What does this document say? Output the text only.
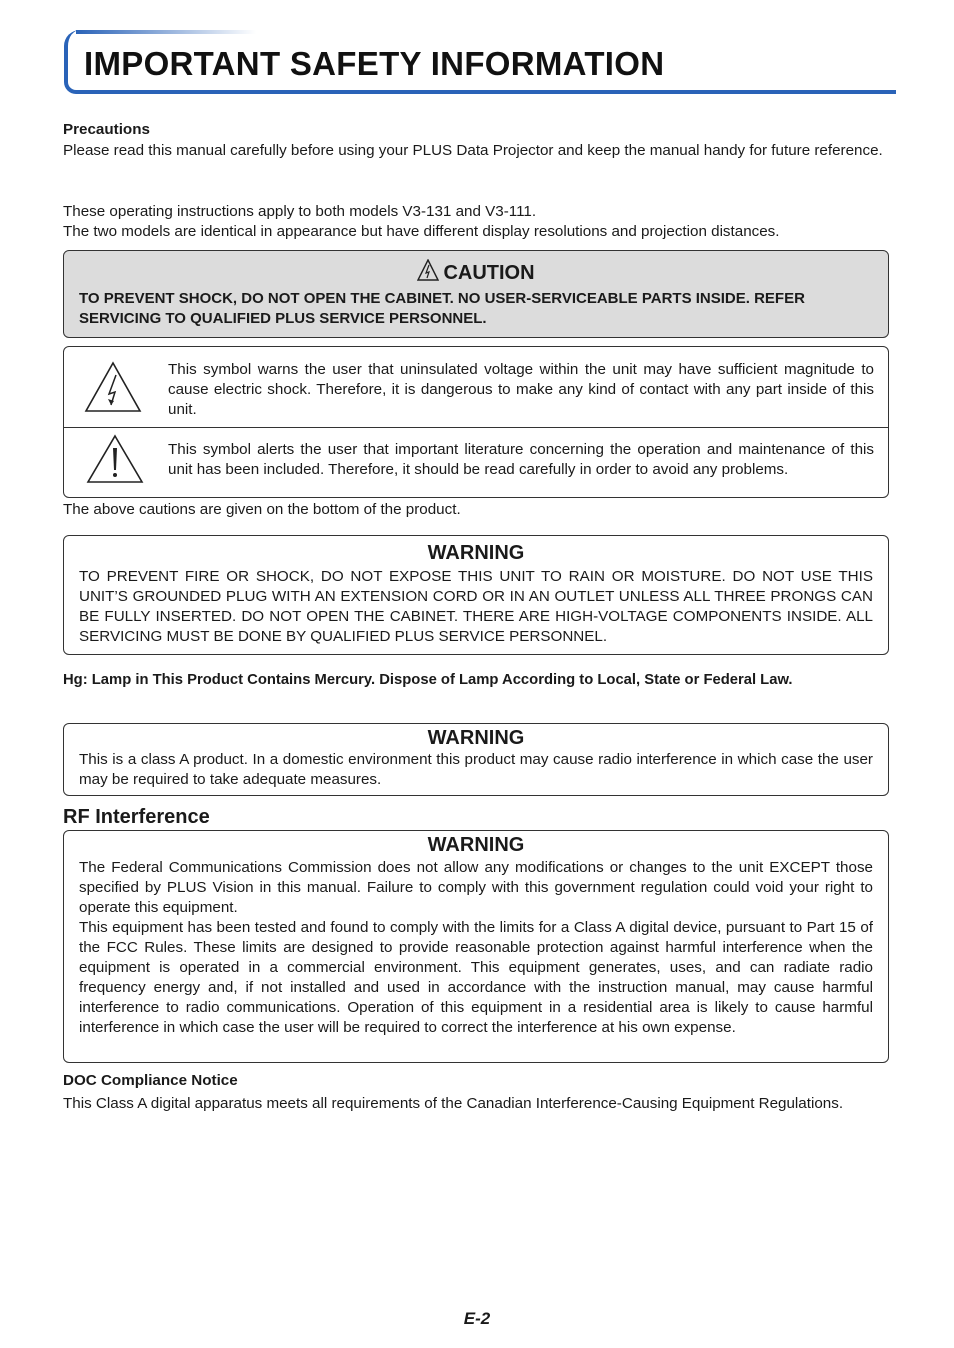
IMPORTANT SAFETY INFORMATION
Precautions
Please read this manual carefully before using your PLUS Data Projector and keep the manual handy for future reference.
These operating instructions apply to both models V3-131 and V3-111.
The two models are identical in appearance but have different display resolutions and projection distances.
CAUTION
TO PREVENT SHOCK, DO NOT OPEN THE CABINET. NO USER-SERVICEABLE PARTS INSIDE. REFER SERVICING TO QUALIFIED PLUS SERVICE PERSONNEL.
This symbol warns the user that uninsulated voltage within the unit may have sufficient magnitude to cause electric shock. Therefore, it is dangerous to make any kind of contact with any part inside of this unit.
This symbol alerts the user that important literature concerning the operation and maintenance of this unit has been included. Therefore, it should be read carefully in order to avoid any problems.
The above cautions are given on the bottom of the product.
WARNING
TO PREVENT FIRE OR SHOCK, DO NOT EXPOSE THIS UNIT TO RAIN OR MOISTURE. DO NOT USE THIS UNIT’S GROUNDED PLUG WITH AN EXTENSION CORD OR IN AN OUTLET UNLESS ALL THREE PRONGS CAN BE FULLY INSERTED. DO NOT OPEN THE CABINET. THERE ARE HIGH-VOLTAGE COMPONENTS INSIDE. ALL SERVICING MUST BE DONE BY QUALIFIED PLUS SERVICE PERSONNEL.
Hg: Lamp in This Product Contains Mercury. Dispose of Lamp According to Local, State or Federal Law.
WARNING
This is a class A product. In a domestic environment this product may cause radio interference in which case the user may be required to take adequate measures.
RF Interference
WARNING
The Federal Communications Commission does not allow any modifications or changes to the unit EXCEPT those specified by PLUS Vision in this manual. Failure to comply with this government regulation could void your right to operate this equipment.
This equipment has been tested and found to comply with the limits for a Class A digital device, pursuant to Part 15 of the FCC Rules. These limits are designed to provide reasonable protection against harmful interference when the equipment is operated in a commercial environment. This equipment generates, uses, and can radiate radio frequency energy and, if not installed and used in accordance with the instruction manual, may cause harmful interference to radio communications. Operation of this equipment in a residential area is likely to cause harmful interference in which case the user will be required to correct the interference at his own expense.
DOC Compliance Notice
This Class A digital apparatus meets all requirements of the Canadian Interference-Causing Equipment Regulations.
E-2
